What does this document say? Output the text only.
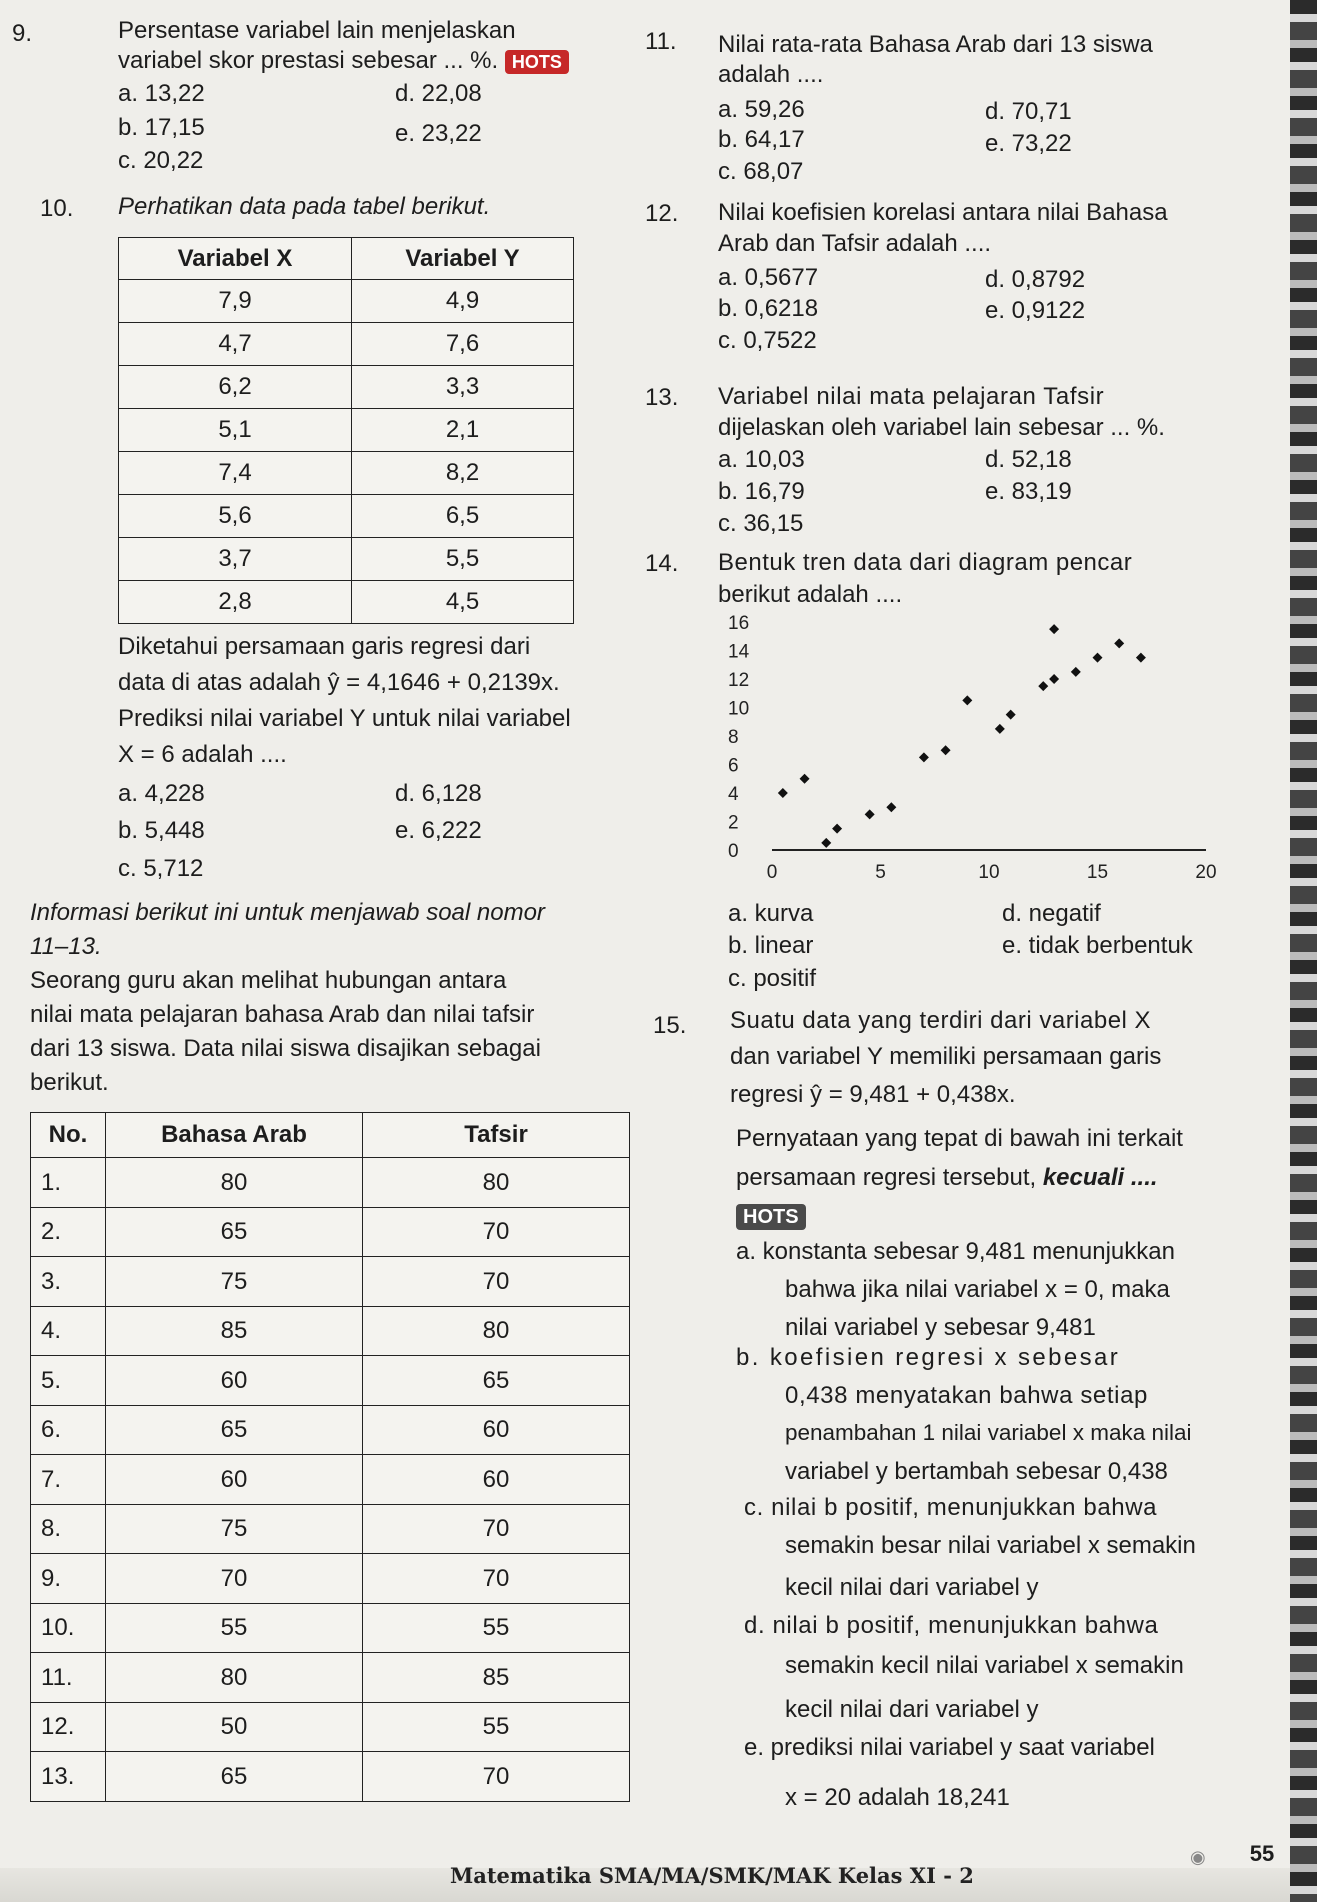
9.	Persentase variabel lain menjelaskan
variabel skor prestasi sebesar ... %. HOTS
a. 13,22	d. 22,08
b. 17,15	e. 23,22
c. 20,22
10. Perhatikan data pada tabel berikut.
Variabel X	Variabel Y
7,9	4,9
4,7	7,6
6,2	3,3
5,1	2,1
7,4	8,2
5,6	6,5
3,7	5,5
2,8	4,5
Diketahui persamaan garis regresi dari
data di atas adalah ŷ = 4,1646 + 0,2139x.
Prediksi nilai variabel Y untuk nilai variabel
X = 6 adalah ....
a. 4,228	d. 6,128
b. 5,448	e. 6,222
c. 5,712
Informasi berikut ini untuk menjawab soal nomor
11–13.
Seorang guru akan melihat hubungan antara
nilai mata pelajaran bahasa Arab dan nilai tafsir
dari 13 siswa. Data nilai siswa disajikan sebagai
berikut.
No.	Bahasa Arab	Tafsir
1.	80	80
2.	65	70
3.	75	70
4.	85	80
5.	60	65
6.	65	60
7.	60	60
8.	75	70
9.	70	70
10.	55	55
11.	80	85
12.	50	55
13.	65	70
11. Nilai rata-rata Bahasa Arab dari 13 siswa
adalah ....
a. 59,26	d. 70,71
b. 64,17	e. 73,22
c. 68,07
12. Nilai koefisien korelasi antara nilai Bahasa
Arab dan Tafsir adalah ....
a. 0,5677	d. 0,8792
b. 0,6218	e. 0,9122
c. 0,7522
13. Variabel nilai mata pelajaran Tafsir
dijelaskan oleh variabel lain sebesar ... %.
a. 10,03	d. 52,18
b. 16,79	e. 83,19
c. 36,15
14. Bentuk tren data dari diagram pencar
berikut adalah ....
0	5	10	15	20
0
2
4
6
8
10
12
14
16
a. kurva	d. negatif
b. linear	e. tidak berbentuk
c. positif
15. Suatu data yang terdiri dari variabel X
dan variabel Y memiliki persamaan garis
regresi ŷ = 9,481 + 0,438x.
Pernyataan yang tepat di bawah ini terkait
persamaan regresi tersebut, kecuali ....
HOTS
a. konstanta sebesar 9,481 menunjukkan
bahwa jika nilai variabel x = 0, maka
nilai variabel y sebesar 9,481
b. koefisien regresi x sebesar
0,438 menyatakan bahwa setiap
penambahan 1 nilai variabel x maka nilai
variabel y bertambah sebesar 0,438
c. nilai b positif, menunjukkan bahwa
semakin besar nilai variabel x semakin
kecil nilai dari variabel y
d. nilai b positif, menunjukkan bahwa
semakin kecil nilai variabel x semakin
kecil nilai dari variabel y
e. prediksi nilai variabel y saat variabel
x = 20 adalah 18,241
Matematika SMA/MA/SMK/MAK Kelas XI - 2
55
◉
